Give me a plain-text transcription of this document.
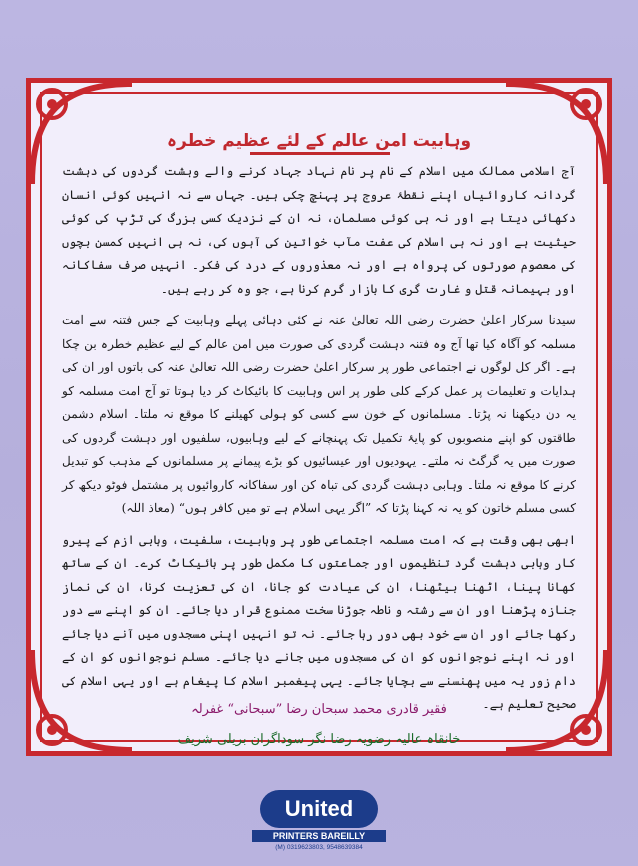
وہابیت امن عالم کے لئے عظیم خطرہ

آج اسلامی ممالک میں اسلام کے نام پر نام نہاد جہاد کرنے والے وہشت گردوں کی دہشت گردانہ کاروائیاں اپنے نقطۂ عروج پر پہنچ چکی ہیں۔ جہاں سے نہ انہیں کوئی انسان دکھائی دیتا ہے اور نہ ہی کوئی مسلمان، نہ ان کے نزدیک کسی بزرگ کی تڑپ کی کوئی حیثیت ہے اور نہ ہی اسلام کی عفت مآب خواتین کی آہوں کی، نہ ہی انہیں کمسن بچوں کی معصوم صورتوں کی پرواہ ہے اور نہ معذوروں کے درد کی فکر۔ انہیں صرف سفاکانہ اور بہیمانہ قتل و غارت گری کا بازار گرم کرنا ہے، جو وہ کر رہے ہیں۔

سیدنا سرکار اعلیٰ حضرت رضی اللہ تعالیٰ عنہ نے کئی دہائی پہلے وہابیت کے جس فتنہ سے امت مسلمہ کو آگاہ کیا تھا آج وہ فتنہ دہشت گردی کی صورت میں امن عالم کے لیے عظیم خطرہ بن چکا ہے۔ اگر کل لوگوں نے اجتماعی طور پر سرکار اعلیٰ حضرت رضی اللہ تعالیٰ عنہ کی باتوں اور ان کی ہدایات و تعلیمات پر عمل کرکے کلی طور پر اس وہابیت کا بائیکاٹ کر دیا ہوتا تو آج امت مسلمہ کو یہ دن دیکھنا نہ پڑتا۔ مسلمانوں کے خون سے کسی کو ہولی کھیلنے کا موقع نہ ملتا۔ اسلام دشمن طاقتوں کو اپنے منصوبوں کو پایۂ تکمیل تک پہنچانے کے لیے وہابیوں، سلفیوں اور دہشت گردوں کی صورت میں یہ گرگٹ نہ ملتے۔ یہودیوں اور عیسائیوں کو بڑے پیمانے پر مسلمانوں کے مذہب کو تبدیل کرنے کا موقع نہ ملتا۔ وہابی دہشت گردی کی تباہ کن اور سفاکانہ کاروائیوں پر مشتمل فوٹو دیکھ کر کسی مسلم خاتون کو یہ نہ کہنا پڑتا کہ ”اگر یہی اسلام ہے تو میں کافر ہوں“ (معاذ اللہ)

ابھی بھی وقت ہے کہ امت مسلمہ اجتماعی طور پر وہابیت، سلفیت، وہابی ازم کے پیرو کار وہابی دہشت گرد تنظیموں اور جماعتوں کا مکمل طور پر بائیکاٹ کرے۔ ان کے ساتھ کھانا پینا، اٹھنا بیٹھنا، ان کی عیادت کو جانا، ان کی تعزیت کرنا، ان کی نماز جنازہ پڑھنا اور ان سے رشتہ و ناطہ جوڑنا سخت ممنوع قرار دیا جائے۔ ان کو اپنے سے دور رکھا جائے اور ان سے خود بھی دور رہا جائے۔ نہ تو انہیں اپنی مسجدوں میں آنے دیا جائے اور نہ اپنے نوجوانوں کو ان کی مسجدوں میں جانے دیا جائے۔ مسلم نوجوانوں کو ان کے دام زور یہ میں پھنسنے سے بچایا جائے۔ یہی پیغمبر اسلام کا پیغام ہے اور یہی اسلام کی صحیح تعلیم ہے۔

فقیر قادری محمد سبحان رضا ”سبحانی“ غفرلہ
خانقاہ عالیہ رضویہ رضا نگر سوداگران بریلی شریف
United
PRINTERS BAREILLY
(M) 0319623803, 9548639384
